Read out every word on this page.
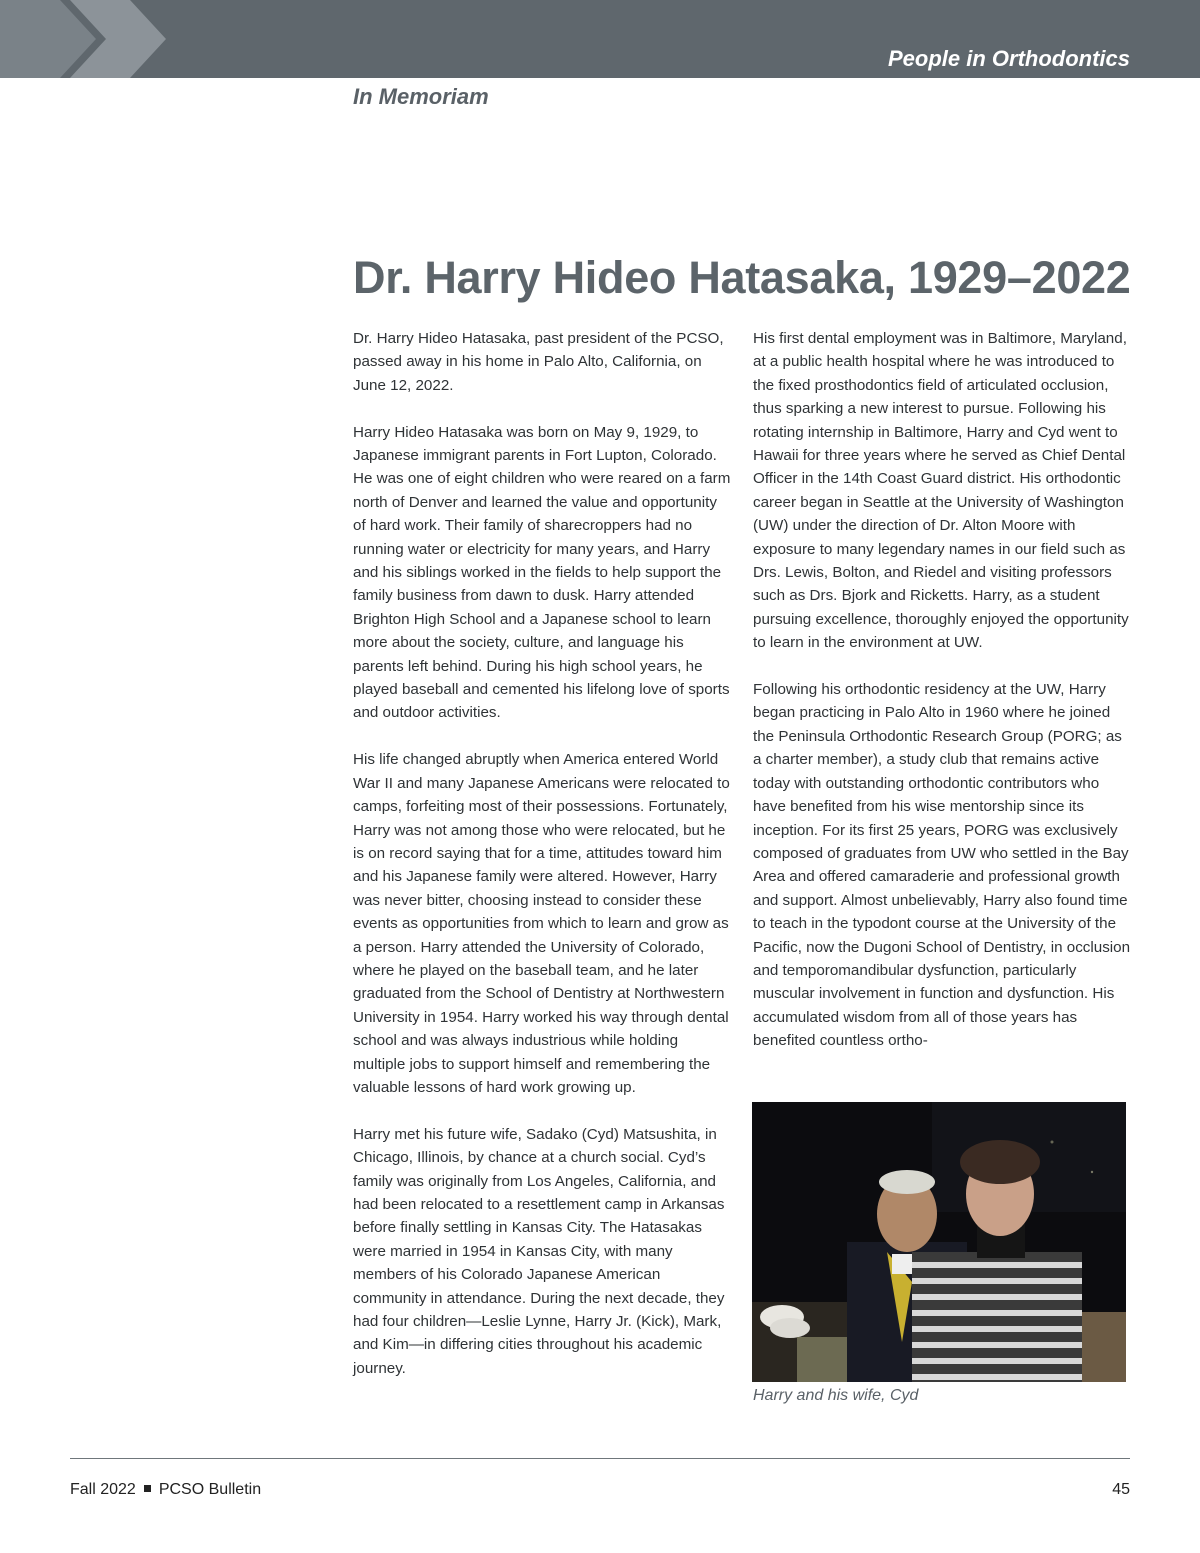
People in Orthodontics
In Memoriam
Dr. Harry Hideo Hatasaka, 1929–2022

Dr. Harry Hideo Hatasaka, past president of the PCSO, passed away in his home in Palo Alto, California, on June 12, 2022.

Harry Hideo Hatasaka was born on May 9, 1929, to Japanese immigrant parents in Fort Lupton, Colorado. He was one of eight children who were reared on a farm north of Denver and learned the value and opportunity of hard work. Their family of sharecroppers had no running water or electricity for many years, and Harry and his siblings worked in the fields to help support the family business from dawn to dusk. Harry attended Brighton High School and a Japanese school to learn more about the society, culture, and language his parents left behind. During his high school years, he played baseball and cemented his lifelong love of sports and outdoor activities.

His life changed abruptly when America entered World War II and many Japanese Americans were relocated to camps, forfeiting most of their possessions. Fortunately, Harry was not among those who were relocated, but he is on record saying that for a time, attitudes toward him and his Japanese family were altered. However, Harry was never bitter, choosing instead to consider these events as opportunities from which to learn and grow as a person. Harry attended the University of Colorado, where he played on the baseball team, and he later graduated from the School of Dentistry at Northwestern University in 1954. Harry worked his way through dental school and was always industrious while holding multiple jobs to support himself and remembering the valuable lessons of hard work growing up.

Harry met his future wife, Sadako (Cyd) Matsushita, in Chicago, Illinois, by chance at a church social. Cyd’s family was originally from Los Angeles, California, and had been relocated to a resettlement camp in Arkansas before finally settling in Kansas City. The Hatasakas were married in 1954 in Kansas City, with many members of his Colorado Japanese American community in attendance. During the next decade, they had four children—Leslie Lynne, Harry Jr. (Kick), Mark, and Kim—in differing cities throughout his academic journey.

His first dental employment was in Baltimore, Maryland, at a public health hospital where he was introduced to the fixed prosthodontics field of articulated occlusion, thus sparking a new interest to pursue. Following his rotating internship in Baltimore, Harry and Cyd went to Hawaii for three years where he served as Chief Dental Officer in the 14th Coast Guard district. His orthodontic career began in Seattle at the University of Washington (UW) under the direction of Dr. Alton Moore with exposure to many legendary names in our field such as Drs. Lewis, Bolton, and Riedel and visiting professors such as Drs. Bjork and Ricketts. Harry, as a student pursuing excellence, thoroughly enjoyed the opportunity to learn in the environment at UW.

Following his orthodontic residency at the UW, Harry began practicing in Palo Alto in 1960 where he joined the Peninsula Orthodontic Research Group (PORG; as a charter member), a study club that remains active today with outstanding orthodontic contributors who have benefited from his wise mentorship since its inception. For its first 25 years, PORG was exclusively composed of graduates from UW who settled in the Bay Area and offered camaraderie and professional growth and support. Almost unbelievably, Harry also found time to teach in the typodont course at the University of the Pacific, now the Dugoni School of Dentistry, in occlusion and temporomandibular dysfunction, particularly muscular involvement in function and dysfunction. His accumulated wisdom from all of those years has benefited countless ortho-

Harry and his wife, Cyd
Fall 2022 PCSO Bulletin	45
